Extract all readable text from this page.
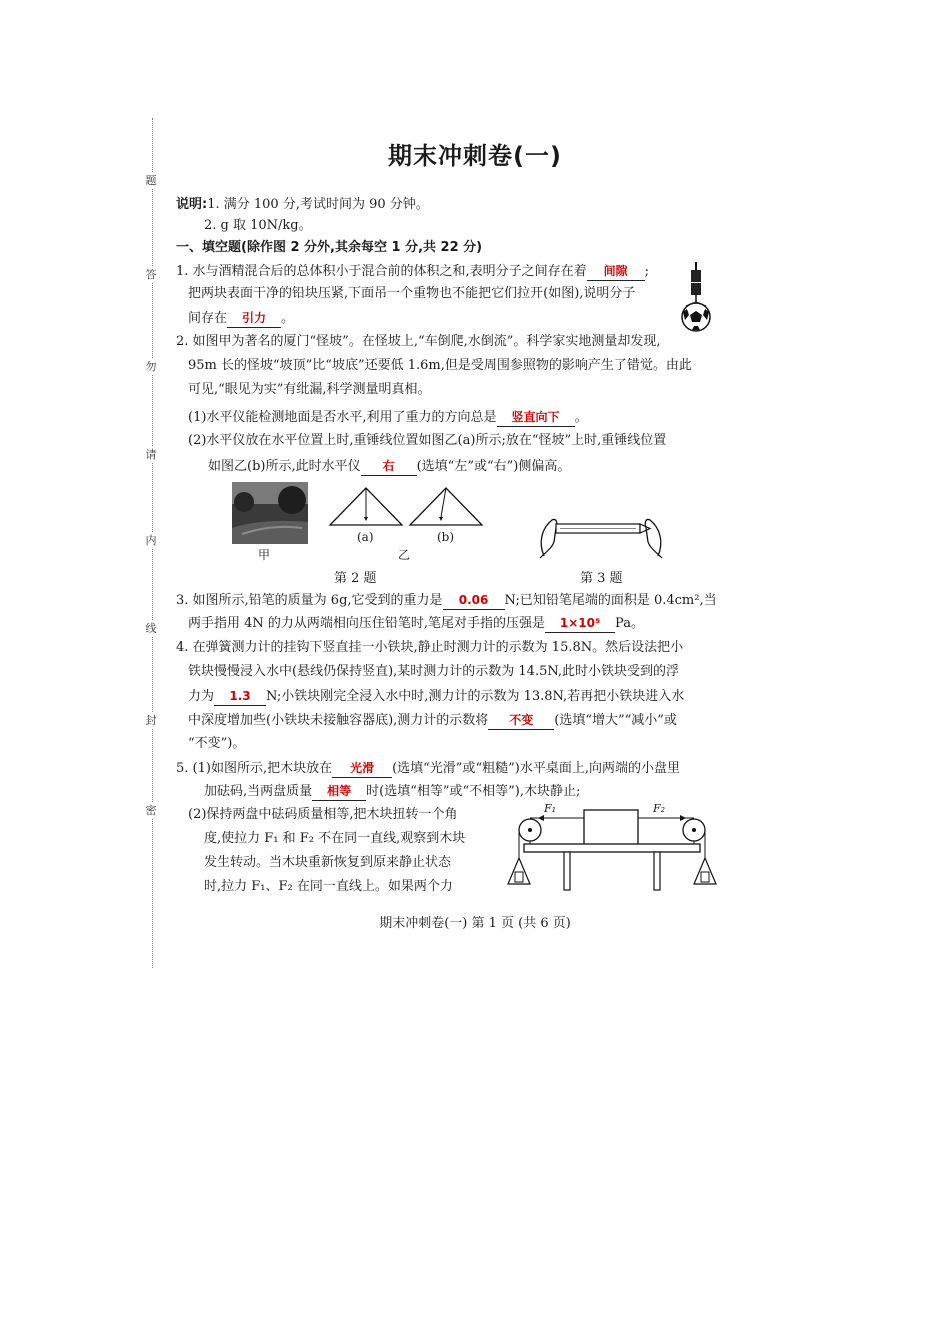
题
答
勿
请
内
线
封
密
期末冲刺卷(一)
说明:1. 满分 100 分,考试时间为 90 分钟。
2. g 取 10N/kg。
一、填空题(除作图 2 分外,其余每空 1 分,共 22 分)
1. 水与酒精混合后的总体积小于混合前的体积之和,表明分子之间存在着 间隙 ;
把两块表面干净的铅块压紧,下面吊一个重物也不能把它们拉开(如图),说明分子
间存在 引力 。
2. 如图甲为著名的厦门“怪坡”。在怪坡上,“车倒爬,水倒流”。科学家实地测量却发现,
95m 长的怪坡“坡顶”比“坡底”还要低 1.6m,但是受周围参照物的影响产生了错觉。由此
可见,“眼见为实”有纰漏,科学测量明真相。
(1)水平仪能检测地面是否水平,利用了重力的方向总是 竖直向下 。
(2)水平仪放在水平位置上时,重锤线位置如图乙(a)所示;放在“怪坡”上时,重锤线位置
如图乙(b)所示,此时水平仪 右 (选填“左”或“右”)侧偏高。
甲
(a)	(b)
乙
第 2 题	第 3 题
3. 如图所示,铅笔的质量为 6g,它受到的重力是 0.06 N;已知铅笔尾端的面积是 0.4cm²,当
两手指用 4N 的力从两端相向压住铅笔时,笔尾对手指的压强是 1×10⁵ Pa。
4. 在弹簧测力计的挂钩下竖直挂一小铁块,静止时测力计的示数为 15.8N。然后设法把小
铁块慢慢浸入水中(悬线仍保持竖直),某时测力计的示数为 14.5N,此时小铁块受到的浮
力为 1.3 N;小铁块刚完全浸入水中时,测力计的示数为 13.8N,若再把小铁块进入水
中深度增加些(小铁块未接触容器底),测力计的示数将 不变 (选填“增大”“减小”或
“不变”)。
5. (1)如图所示,把木块放在 光滑 (选填“光滑”或“粗糙”)水平桌面上,向两端的小盘里
加砝码,当两盘质量 相等 时(选填“相等”或“不相等”),木块静止;
(2)保持两盘中砝码质量相等,把木块扭转一个角
度,使拉力 F₁ 和 F₂ 不在同一直线,观察到木块
发生转动。当木块重新恢复到原来静止状态
时,拉力 F₁、F₂ 在同一直线上。如果两个力
F₁	F₂
期末冲刺卷(一) 第 1 页 (共 6 页)
